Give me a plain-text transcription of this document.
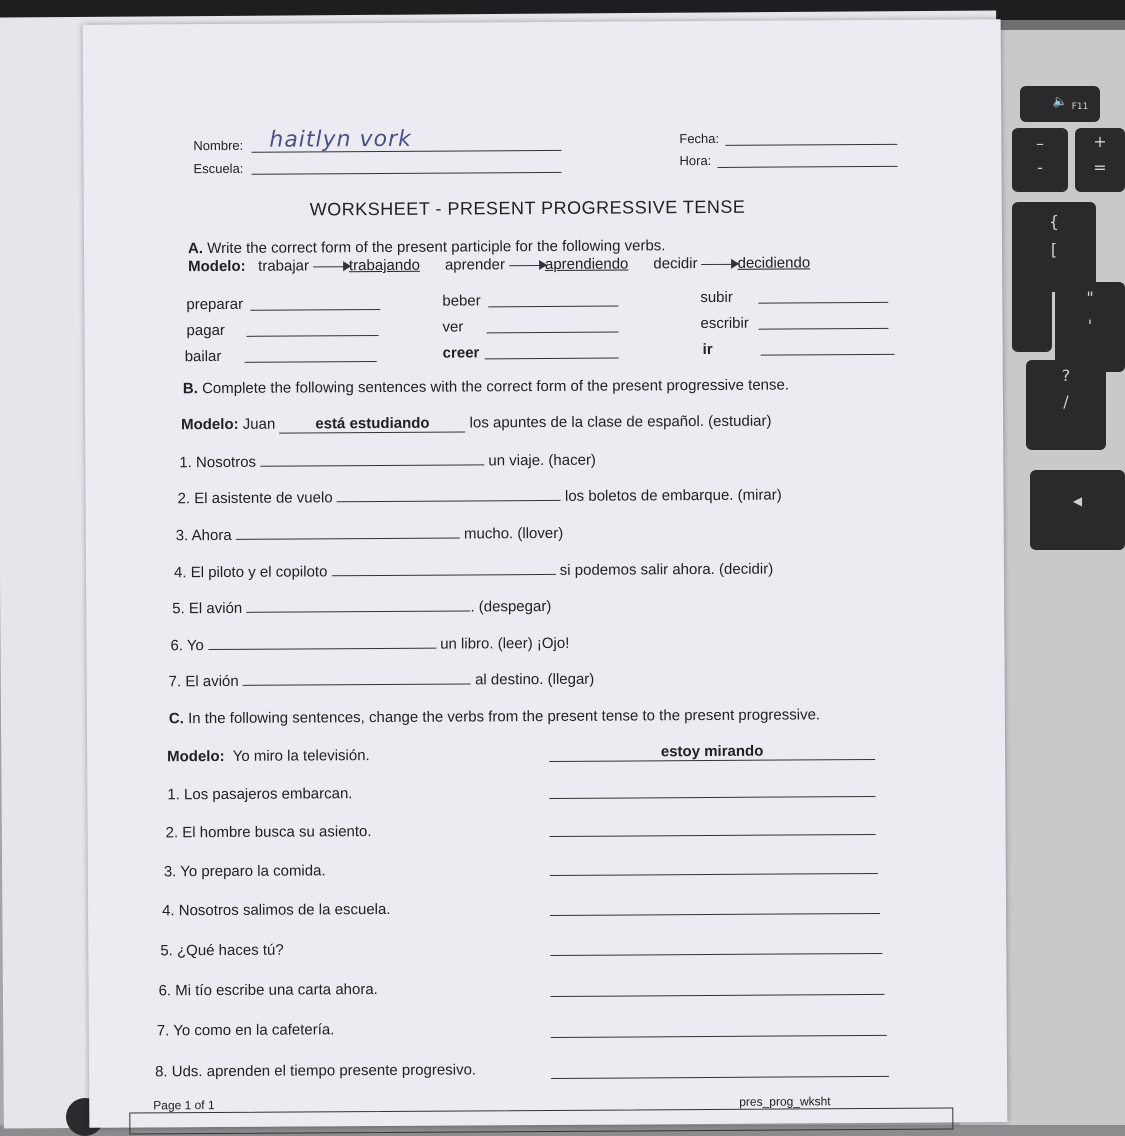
🔈 F11
–
-
+
=
{
[
"
'
?
/
◀
Nombre: haitlyn vork
Escuela:
Fecha:
Hora:
WORKSHEET - PRESENT PROGRESSIVE TENSE
A. Write the correct form of the present participle for the following verbs.
Modelo: trabajar	trabajando aprender	aprendiendo decidir	decidiendo
preparar	beber	subir
pagar	ver	escribir
bailar	creer	ir
B. Complete the following sentences with the correct form of the present progressive tense.
Modelo: Juan	está estudiando	los apuntes de la clase de español. (estudiar)
1. Nosotros	un viaje. (hacer)
2. El asistente de vuelo	los boletos de embarque. (mirar)
3. Ahora	mucho. (llover)
4. El piloto y el copiloto	si podemos salir ahora. (decidir)
5. El avión	. (despegar)
6. Yo	un libro. (leer) ¡Ojo!
7. El avión	al destino. (llegar)
C. In the following sentences, change the verbs from the present tense to the present progressive.
Modelo: Yo miro la televisión.	estoy mirando
1. Los pasajeros embarcan.
2. El hombre busca su asiento.
3. Yo preparo la comida.
4. Nosotros salimos de la escuela.
5. ¿Qué haces tú?
6. Mi tío escribe una carta ahora.
7. Yo como en la cafetería.
8. Uds. aprenden el tiempo presente progresivo.
Page 1 of 1	pres_prog_wksht
